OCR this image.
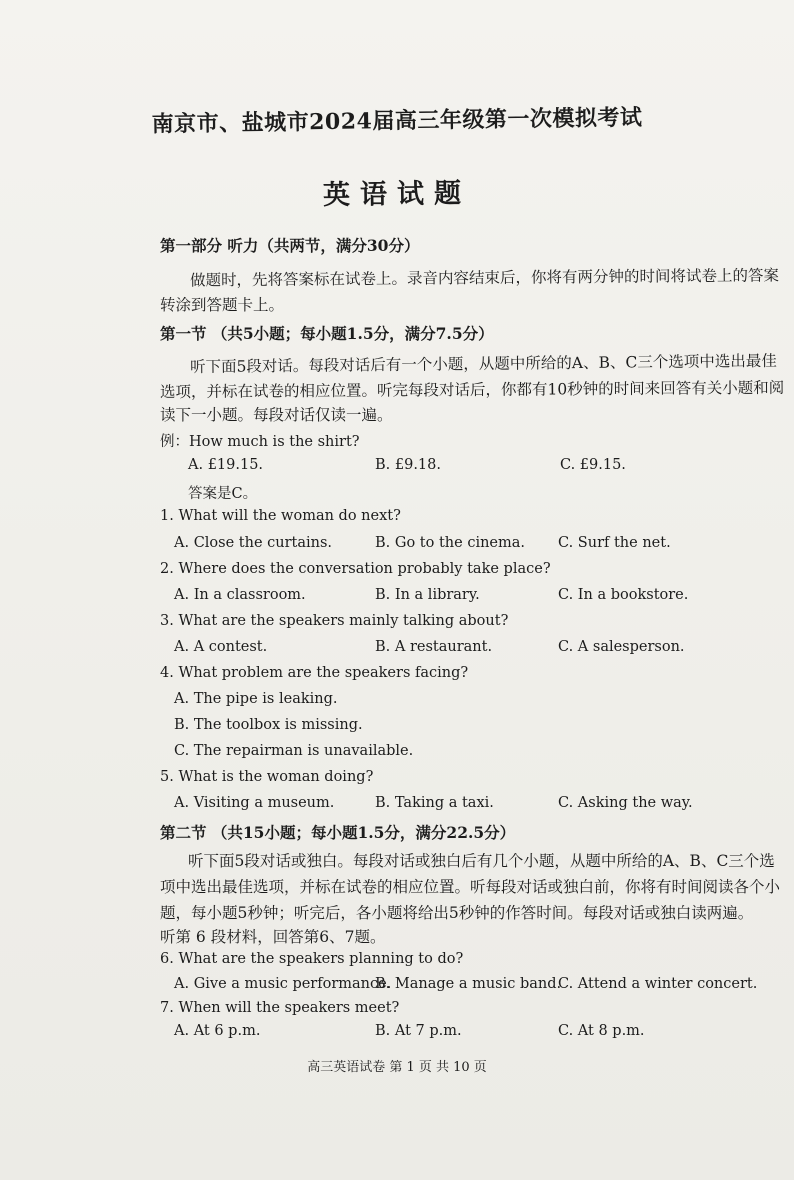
南京市、盐城市2024届高三年级第一次模拟考试
英语试题
第一部分 听力（共两节，满分30分）
做题时，先将答案标在试卷上。录音内容结束后，你将有两分钟的时间将试卷上的答案
转涂到答题卡上。
第一节 （共5小题；每小题1.5分，满分7.5分）
听下面5段对话。每段对话后有一个小题，从题中所给的A、B、C三个选项中选出最佳
选项，并标在试卷的相应位置。听完每段对话后，你都有10秒钟的时间来回答有关小题和阅
读下一小题。每段对话仅读一遍。
例：How much is the shirt?
A. £19.15.	B. £9.18.	C. £9.15.
答案是C。
1. What will the woman do next?
A. Close the curtains.	B. Go to the cinema. C. Surf the net.
2. Where does the conversation probably take place?
A. In a classroom.	B. In a library.	C. In a bookstore.
3. What are the speakers mainly talking about?
A. A contest.	B. A restaurant.	C. A salesperson.
4. What problem are the speakers facing?
A. The pipe is leaking.
B. The toolbox is missing.
C. The repairman is unavailable.
5. What is the woman doing?
A. Visiting a museum.	B. Taking a taxi.	C. Asking the way.
第二节 （共15小题；每小题1.5分，满分22.5分）
听下面5段对话或独白。每段对话或独白后有几个小题，从题中所给的A、B、C三个选
项中选出最佳选项，并标在试卷的相应位置。听每段对话或独白前，你将有时间阅读各个小
题，每小题5秒钟；听完后，各小题将给出5秒钟的作答时间。每段对话或独白读两遍。
听第 6 段材料，回答第6、7题。
6. What are the speakers planning to do?
A. Give a music performance.
B. Manage a music band.
C. Attend a winter concert.
7. When will the speakers meet?
A. At 6 p.m.	B. At 7 p.m.	C. At 8 p.m.
高三英语试卷 第 1 页 共 10 页
